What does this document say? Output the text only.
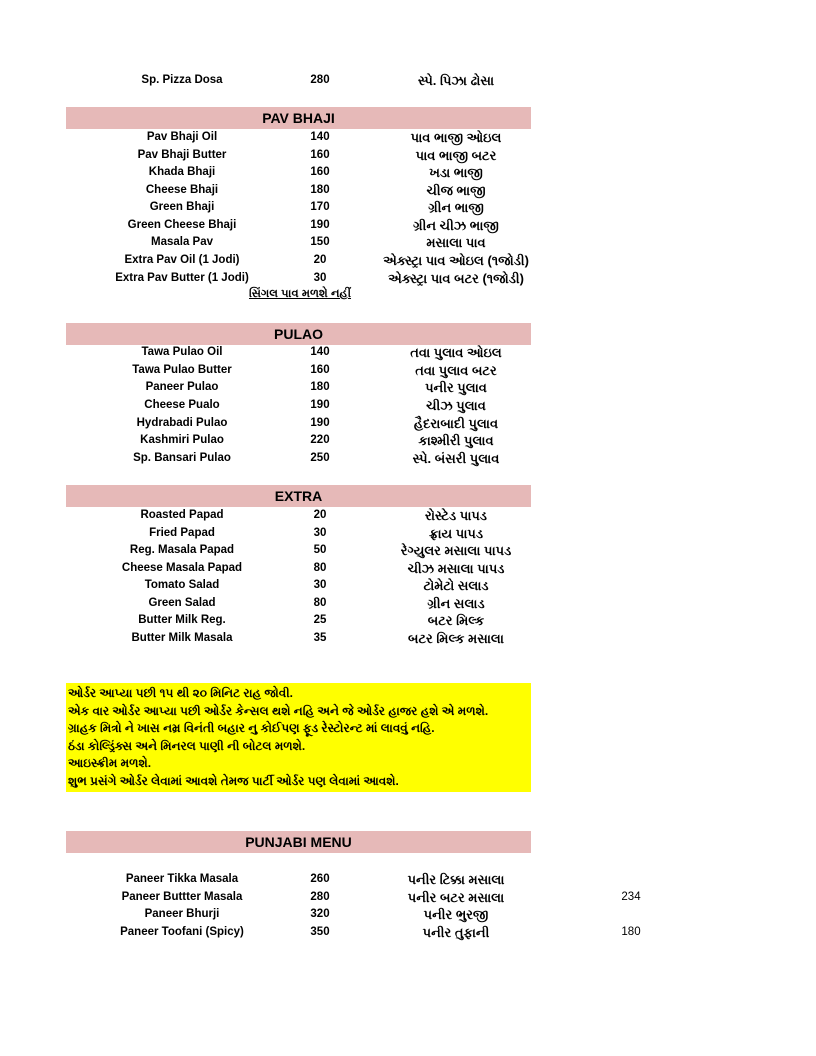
Sp. Pizza Dosa	280	સ્પે. પિઝા ઢોસા
PAV BHAJI
Pav Bhaji Oil	140	પાવ ભાજી ઓઇલ
Pav Bhaji Butter	160	પાવ ભાજી બટર
Khada Bhaji	160	ખડા ભાજી
Cheese Bhaji	180	ચીજ ભાજી
Green Bhaji	170	ગ્રીન ભાજી
Green Cheese Bhaji	190	ગ્રીન ચીઝ ભાજી
Masala Pav	150	મસાલા પાવ
Extra Pav Oil (1 Jodi)	20	એક્સ્ટ્રા પાવ ઓઇલ (૧જોડી)
Extra Pav Butter (1 Jodi)	30	એક્સ્ટ્રા પાવ બટર (૧જોડી)
સિંગલ પાવ મળશે નહીં
PULAO
Tawa Pulao Oil	140	તવા પુલાવ ઓઇલ
Tawa Pulao Butter	160	તવા પુલાવ બટર
Paneer Pulao	180	પનીર પુલાવ
Cheese Pualo	190	ચીઝ પુલાવ
Hydrabadi Pulao	190	હૈદરાબાદી પુલાવ
Kashmiri Pulao	220	કાશ્મીરી પુલાવ
Sp. Bansari Pulao	250	સ્પે. બંસરી પુલાવ
EXTRA
Roasted Papad	20	રોસ્ટેડ પાપડ
Fried Papad	30	ફ્રાય પાપડ
Reg. Masala Papad	50	રેગ્યુલર મસાલા પાપડ
Cheese Masala Papad	80	ચીઝ મસાલા પાપડ
Tomato Salad	30	ટોમેટો સલાડ
Green Salad	80	ગ્રીન સલાડ
Butter Milk Reg.	25	બટર મિલ્ક
Butter Milk Masala	35	બટર મિલ્ક મસાલા
ઓર્ડર આપ્યા પછી ૧૫ થી ૨૦ મિનિટ રાહ જોવી.
એક વાર ઓર્ડર આપ્યા પછી ઓર્ડર કેન્સલ થશે નહિ અને જે ઓર્ડર હાજર હશે એ મળશે.
ગ્રાહક મિત્રો ને ખાસ નમ્ર વિનંતી બહાર નુ કોઈપણ ફૂડ રેસ્ટોરન્ટ માં લાવવું નહિ.
ઠંડા કોલ્ડ્રિંક્સ અને મિનરલ પાણી ની બોટલ મળશે.
આઇસ્ક્રીમ મળશે.
શુભ પ્રસંગે ઓર્ડર લેવામાં આવશે તેમજ પાર્ટી ઓર્ડર પણ લેવામાં આવશે.
PUNJABI MENU
Paneer Tikka Masala	260	પનીર ટિક્કા મસાલા
Paneer Buttter Masala	280	પનીર બટર મસાલા	234
Paneer Bhurji	320	પનીર ભુરજી
Paneer Toofani (Spicy)	350	પનીર તુફાની	180
